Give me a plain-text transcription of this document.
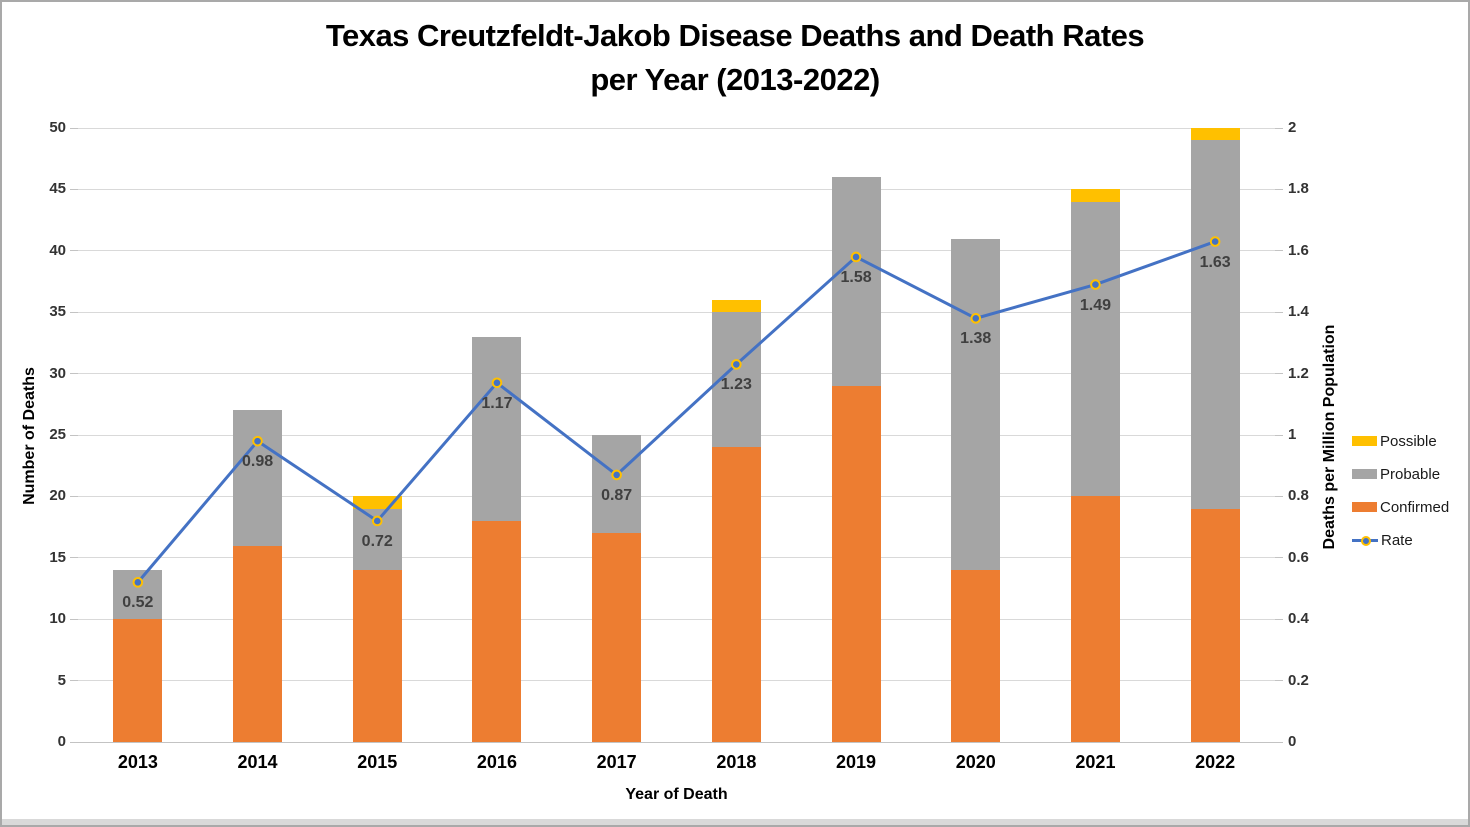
Texas Creutzfeldt-Jakob Disease Deaths and Death Rates
per Year (2013-2022)
Number of Deaths	Deaths per Million Population
Year of Death
0	0
5	0.2
10	0.4
15	0.6
20	0.8
25	1
30	1.2
35	1.4
40	1.6
45	1.8
50	2
2013	2014	2015	2016	2017	2018	2019	2020	2021	2022
0.52
0.98
0.72
1.17
0.87
1.23
1.58
1.38
1.49
1.63
Possible
Probable
Confirmed
Rate
